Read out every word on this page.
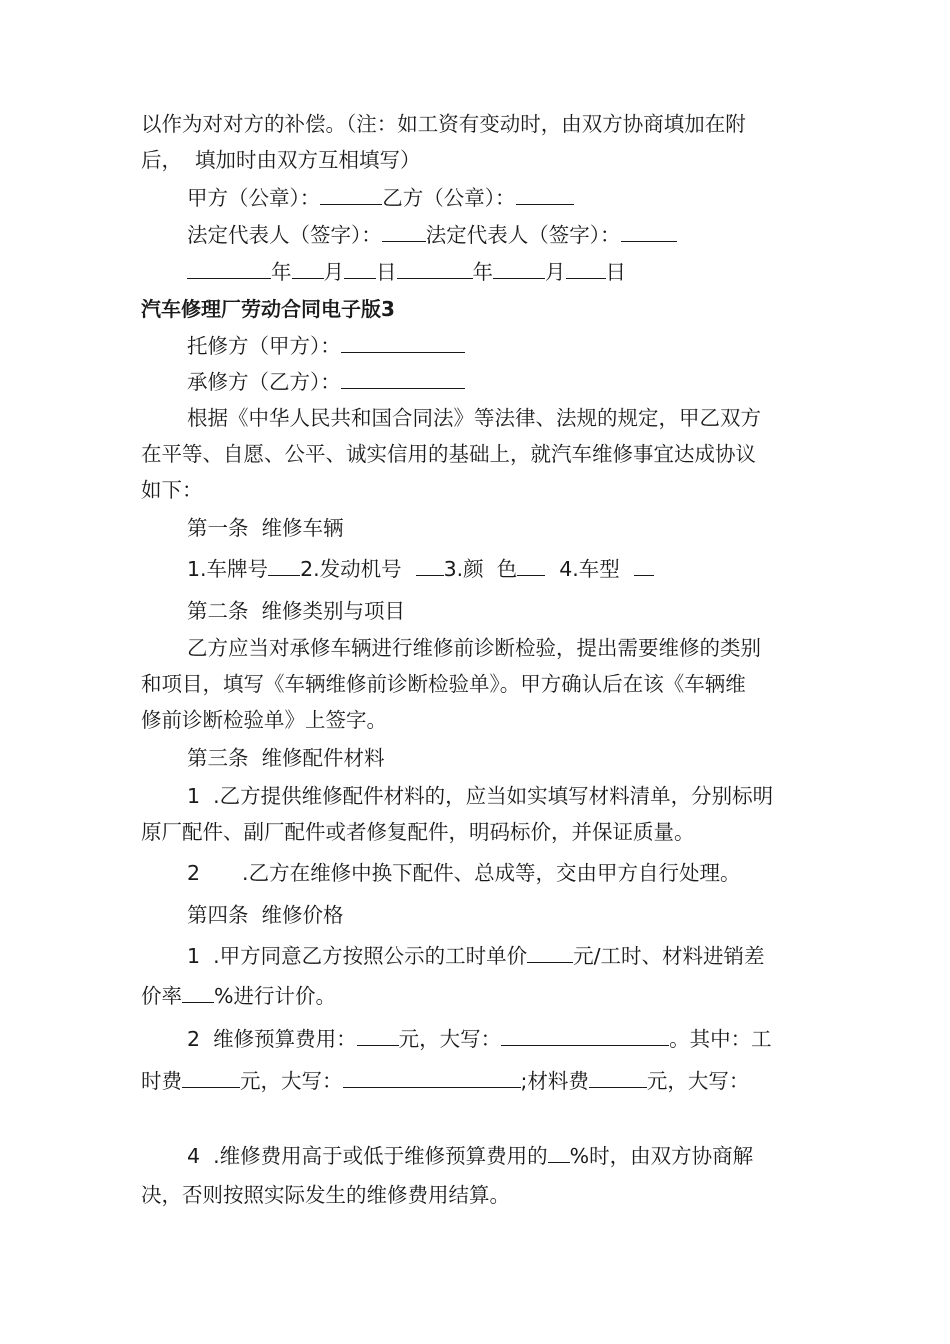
以作为对对方的补偿。（注：如工资有变动时，由双方协商填加在附
后，  填加时由双方互相填写）
甲方（公章）：	乙方（公章）：
法定代表人（签字）： 法定代表人（签字）：
年 月 日	年	月 日
汽车修理厂劳动合同电子版3
托修方（甲方）：
承修方（乙方）：
根据《中华人民共和国合同法》等法律、法规的规定，甲乙双方
在平等、自愿、公平、诚实信用的基础上，就汽车维修事宜达成协议
如下：
第一条  维修车辆
1.车牌号 2.发动机号 3.颜  色 4.车型
第二条  维修类别与项目
乙方应当对承修车辆进行维修前诊断检验，提出需要维修的类别
和项目，填写《车辆维修前诊断检验单》。甲方确认后在该《车辆维
修前诊断检验单》上签字。
第三条  维修配件材料
1  .乙方提供维修配件材料的，应当如实填写材料清单，分别标明
原厂配件、副厂配件或者修复配件，明码标价，并保证质量。
2 .乙方在维修中换下配件、总成等，交由甲方自行处理。
第四条  维修价格
1  .甲方同意乙方按照公示的工时单价 元/工时、材料进销差
价率 %进行计价。
2  维修预算费用： 元，大写：	。其中：工
时费	元，大写：	;材料费	元，大写：
4  .维修费用高于或低于维修预算费用的 %时，由双方协商解
决，否则按照实际发生的维修费用结算。
